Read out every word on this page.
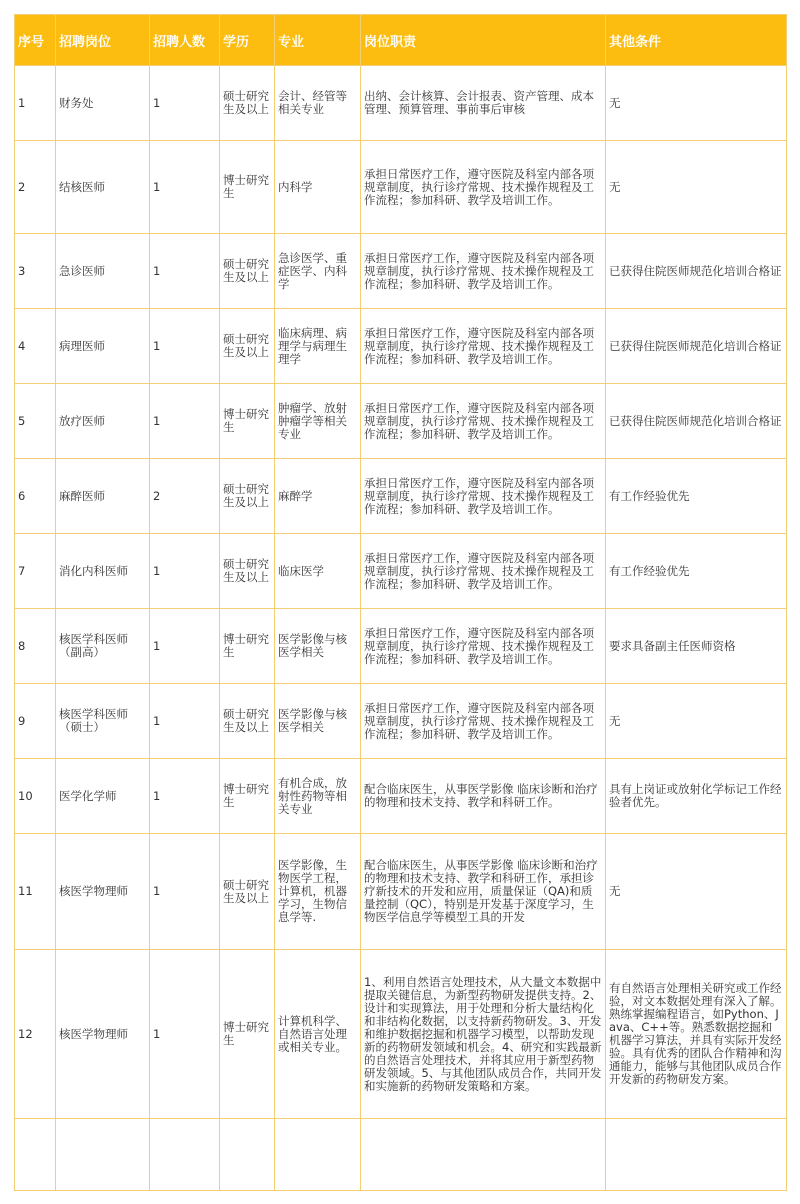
序号	招聘岗位	招聘人数	学历	专业	岗位职责	其他条件
1	财务处	1	硕士研究生及以上	会计、经管等相关专业	出纳、会计核算、会计报表、资产管理、成本管理、预算管理、事前事后审核	无
2	结核医师	1	博士研究生	内科学	承担日常医疗工作，遵守医院及科室内部各项规章制度，执行诊疗常规、技术操作规程及工作流程；参加科研、教学及培训工作。	无
3	急诊医师	1	硕士研究生及以上	急诊医学、重症医学、内科学	承担日常医疗工作，遵守医院及科室内部各项规章制度，执行诊疗常规、技术操作规程及工作流程；参加科研、教学及培训工作。	已获得住院医师规范化培训合格证
4	病理医师	1	硕士研究生及以上	临床病理、病理学与病理生理学	承担日常医疗工作，遵守医院及科室内部各项规章制度，执行诊疗常规、技术操作规程及工作流程；参加科研、教学及培训工作。	已获得住院医师规范化培训合格证
5	放疗医师	1	博士研究生	肿瘤学、放射肿瘤学等相关专业	承担日常医疗工作，遵守医院及科室内部各项规章制度，执行诊疗常规、技术操作规程及工作流程；参加科研、教学及培训工作。	已获得住院医师规范化培训合格证
6	麻醉医师	2	硕士研究生及以上	麻醉学	承担日常医疗工作，遵守医院及科室内部各项规章制度，执行诊疗常规、技术操作规程及工作流程；参加科研、教学及培训工作。	有工作经验优先
7	消化内科医师	1	硕士研究生及以上	临床医学	承担日常医疗工作，遵守医院及科室内部各项规章制度，执行诊疗常规、技术操作规程及工作流程；参加科研、教学及培训工作。	有工作经验优先
8	核医学科医师（副高）	1	博士研究生	医学影像与核医学相关	承担日常医疗工作，遵守医院及科室内部各项规章制度，执行诊疗常规、技术操作规程及工作流程；参加科研、教学及培训工作。	要求具备副主任医师资格
9	核医学科医师（硕士）	1	硕士研究生及以上	医学影像与核医学相关	承担日常医疗工作，遵守医院及科室内部各项规章制度，执行诊疗常规、技术操作规程及工作流程；参加科研、教学及培训工作。	无
10	医学化学师	1	博士研究生	有机合成，放射性药物等相关专业	配合临床医生，从事医学影像 临床诊断和治疗的物理和技术支持、教学和科研工作。	具有上岗证或放射化学标记工作经验者优先。
11	核医学物理师	1	硕士研究生及以上	医学影像，生物医学工程，计算机，机器学习，生物信息学等.	配合临床医生，从事医学影像 临床诊断和治疗的物理和技术支持、教学和科研工作，承担诊疗新技术的开发和应用，质量保证（QA)和质量控制（QC），特别是开发基于深度学习，生物医学信息学等模型工具的开发	无
12	核医学物理师	1	博士研究生	计算机科学、自然语言处理或相关专业。	1、利用自然语言处理技术，从大量文本数据中提取关键信息，为新型药物研发提供支持。2、设计和实现算法，用于处理和分析大量结构化和非结构化数据，以支持新药物研发。3、开发和维护数据挖掘和机器学习模型，以帮助发现新的药物研发领域和机会。4、研究和实践最新的自然语言处理技术，并将其应用于新型药物研发领域。5、与其他团队成员合作，共同开发和实施新的药物研发策略和方案。	有自然语言处理相关研究或工作经验，对文本数据处理有深入了解。熟练掌握编程语言，如Python、Java、C++等。熟悉数据挖掘和机器学习算法，并具有实际开发经验。具有优秀的团队合作精神和沟通能力，能够与其他团队成员合作开发新的药物研发方案。
